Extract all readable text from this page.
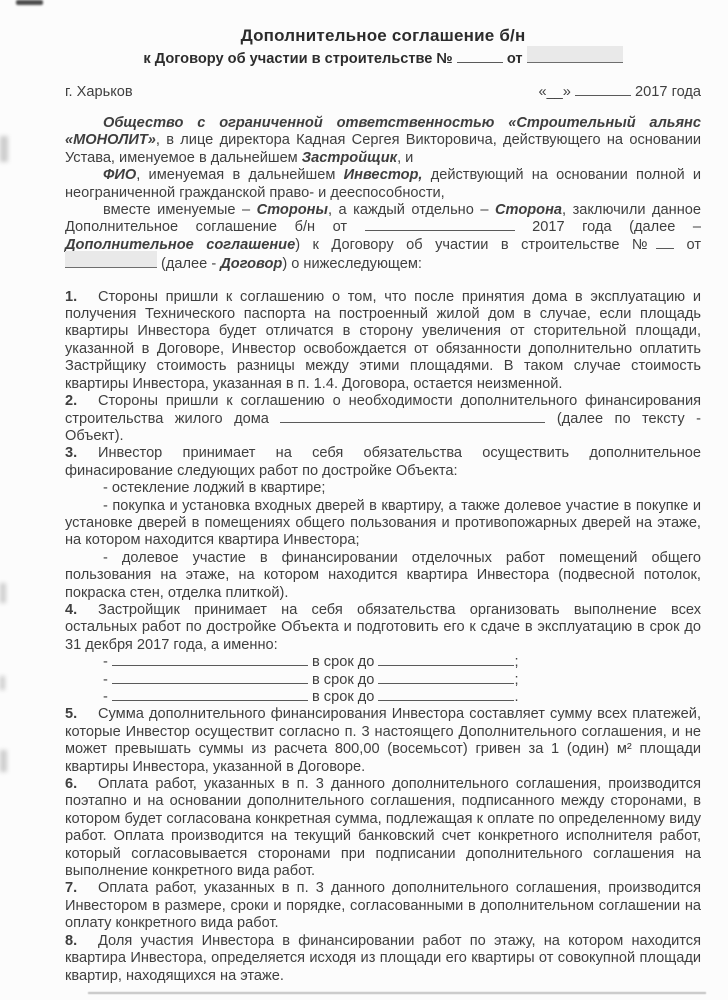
Дополнительное соглашение б/н
к Договору об участии в строительстве №	от
г. Харьков	«__»	2017 года

Общество с ограниченной ответственностью «Строительный альянс «МОНОЛИТ», в лице директора Кадная Сергея Викторовича, действующего на основании Устава, именуемое в дальнейшем Застройщик, и

ФИО, именуемая в дальнейшем Инвестор, действующий на основании полной и неограниченной гражданской право- и дееспособности,

вместе именуемые – Стороны, а каждый отдельно – Сторона, заключили данное Дополнительное соглашение б/н от	2017 года (далее – Дополнительное соглашение) к Договору об участии в строительстве № от  (далее - Договор) о нижеследующем:

1. Стороны пришли к соглашению о том, что после принятия дома в эксплуатацию и получения Технического паспорта на построенный жилой дом в случае, если площадь квартиры Инвестора будет отличатся в сторону увеличения от сторительной площади, указанной в Договоре, Инвестор освобождается от обязанности дополнительно оплатить Застрйщику стоимость разницы между этими площадями. В таком случае стоимость квартиры Инвестора, указанная в п. 1.4. Договора, остается неизменной.

2. Стороны пришли к соглашению о необходимости дополнительного финансирования строительства жилого дома	(далее по тексту - Объект).

3. Инвестор принимает на себя обязательства осуществить дополнительное финасирование следующих работ по достройке Объекта:

- остекление лоджий в квартире;

- покупка и установка входных дверей в квартиру, а также долевое участие в покупке и установке дверей в помещениях общего пользования и противопожарных дверей на этаже, на котором находится квартира Инвестора;

- долевое участие в финансировании отделочных работ помещений общего пользования на этаже, на котором находится квартира Инвестора (подвесной потолок, покраска стен, отделка плиткой).

4. Застройщик принимает на себя обязательства организовать выполнение всех остальных работ по достройке Объекта и подготовить его к сдаче в эксплуатацию в срок до 31 декбря 2017 года, а именно:

-	в срок до	;

-	в срок до	;

-	в срок до	.

5. Сумма дополнительного финансирования Инвестора составляет сумму всех платежей, которые Инвестор осуществит согласно п. 3 настоящего Дополнительного соглашения, и не может превышать суммы из расчета 800,00 (восемьсот) гривен за 1 (один) м² площади квартиры Инвестора, указанной в Договоре.

6. Оплата работ, указанных в п. 3 данного дополнительного соглашения, производится поэтапно и на основании дополнительного соглашения, подписанного между сторонами, в котором будет согласована конкретная сумма, подлежащая к оплате по определенному виду работ. Оплата производится на текущий банковский счет конкретного исполнителя работ, который согласовывается сторонами при подписании дополнительного соглашения на выполнение конкретного вида работ.

7. Оплата работ, указанных в п. 3 данного дополнительного соглашения, производится Инвестором в размере, сроки и порядке, согласованными в дополнительном соглашении на оплату конкретного вида работ.

8. Доля участия Инвестора в финансировании работ по этажу, на котором находится квартира Инвестора, определяется исходя из площади его квартиры от совокупной площади квартир, находящихся на этаже.
